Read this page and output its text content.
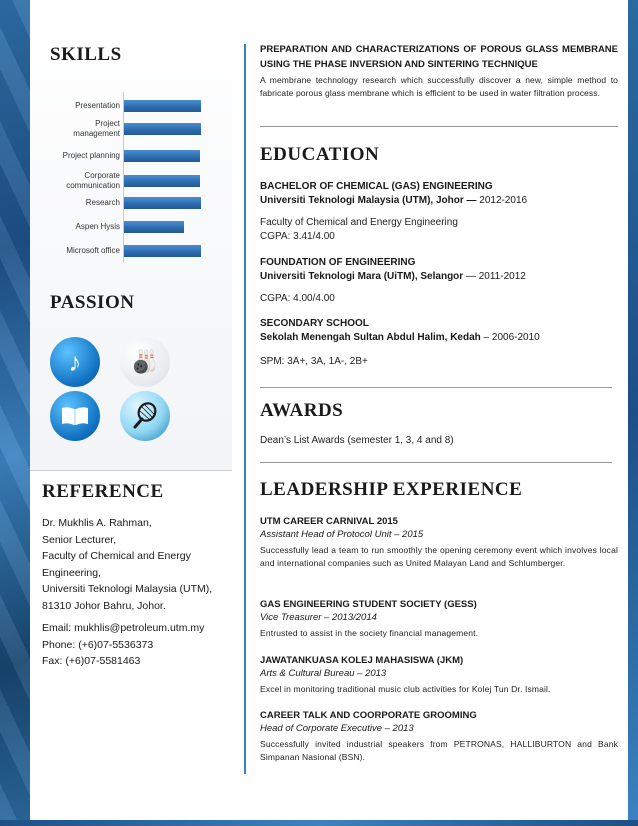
SKILLS
Presentation
Project management
Project planning
Corporate communication
Research
Aspen Hysis
Microsoft office
PASSION
♪	🎳
REFERENCE
Dr. Mukhlis A. Rahman,
Senior Lecturer,
Faculty of Chemical and Energy
Engineering,
Universiti Teknologi Malaysia (UTM),
81310 Johor Bahru, Johor.
Email: mukhlis@petroleum.utm.my
Phone: (+6)07-5536373
Fax: (+6)07-5581463
PREPARATION AND CHARACTERIZATIONS OF POROUS GLASS MEMBRANE USING THE PHASE INVERSION AND SINTERING TECHNIQUE
A membrane technology research which successfully discover a new, simple method to fabricate porous glass membrane which is efficient to be used in water filtration process.
EDUCATION
BACHELOR OF CHEMICAL (GAS) ENGINEERING
Universiti Teknologi Malaysia (UTM), Johor — 2012-2016
Faculty of Chemical and Energy Engineering
CGPA: 3.41/4.00
FOUNDATION OF ENGINEERING
Universiti Teknologi Mara (UiTM), Selangor — 2011-2012
CGPA: 4.00/4.00
SECONDARY SCHOOL
Sekolah Menengah Sultan Abdul Halim, Kedah – 2006-2010
SPM: 3A+, 3A, 1A-, 2B+
AWARDS
Dean’s List Awards (semester 1, 3, 4 and 8)
LEADERSHIP EXPERIENCE
UTM CAREER CARNIVAL 2015
Assistant Head of Protocol Unit – 2015
Successfully lead a team to run smoothly the opening ceremony event which involves local and international companies such as United Malayan Land and Schlumberger.
GAS ENGINEERING STUDENT SOCIETY (GESS)
Vice Treasurer – 2013/2014
Entrusted to assist in the society financial management.
JAWATANKUASA KOLEJ MAHASISWA (JKM)
Arts & Cultural Bureau – 2013
Excel in monitoring traditional music club activities for Kolej Tun Dr. Ismail.
CAREER TALK AND COORPORATE GROOMING
Head of Corporate Executive – 2013
Successfully invited industrial speakers from PETRONAS, HALLIBURTON and Bank Simpanan Nasional (BSN).
